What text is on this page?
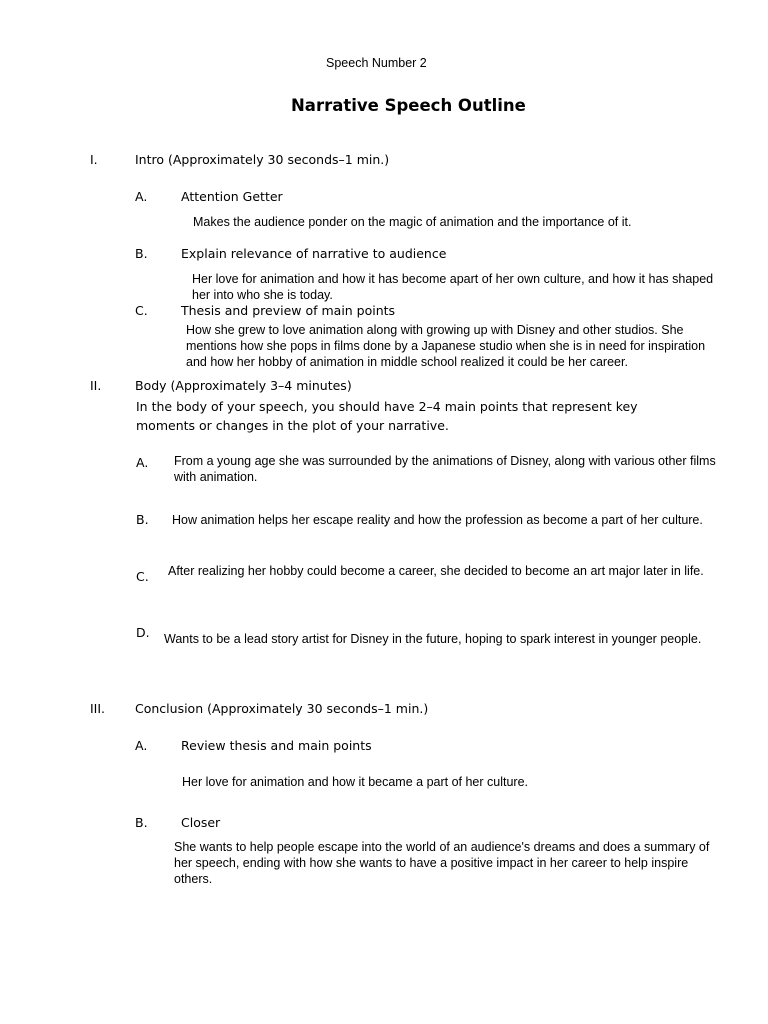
Speech Number 2
Narrative Speech Outline
I.	Intro (Approximately 30 seconds–1 min.)
A.	Attention Getter
Makes the audience ponder on the magic of animation and the importance of it.
B.	Explain relevance of narrative to audience
Her love for animation and how it has become apart of her own culture, and how it has shaped
her into who she is today.
C.	Thesis and preview of main points
How she grew to love animation along with growing up with Disney and other studios. She
mentions how she pops in films done by a Japanese studio when she is in need for inspiration
and how her hobby of animation in middle school realized it could be her career.
II.	Body (Approximately 3–4 minutes)
In the body of your speech, you should have 2–4 main points that represent key
moments or changes in the plot of your narrative.
A. From a young age she was surrounded by the animations of Disney, along with various other films
with animation.
B. How animation helps her escape reality and how the profession as become a part of her culture.
C. After realizing her hobby could become a career, she decided to become an art major later in life.
D. Wants to be a lead story artist for Disney in the future, hoping to spark interest in younger people.
III. Conclusion (Approximately 30 seconds–1 min.)
A.	Review thesis and main points
Her love for animation and how it became a part of her culture.
B.	Closer
She wants to help people escape into the world of an audience's dreams and does a summary of
her speech, ending with how she wants to have a positive impact in her career to help inspire
others.
